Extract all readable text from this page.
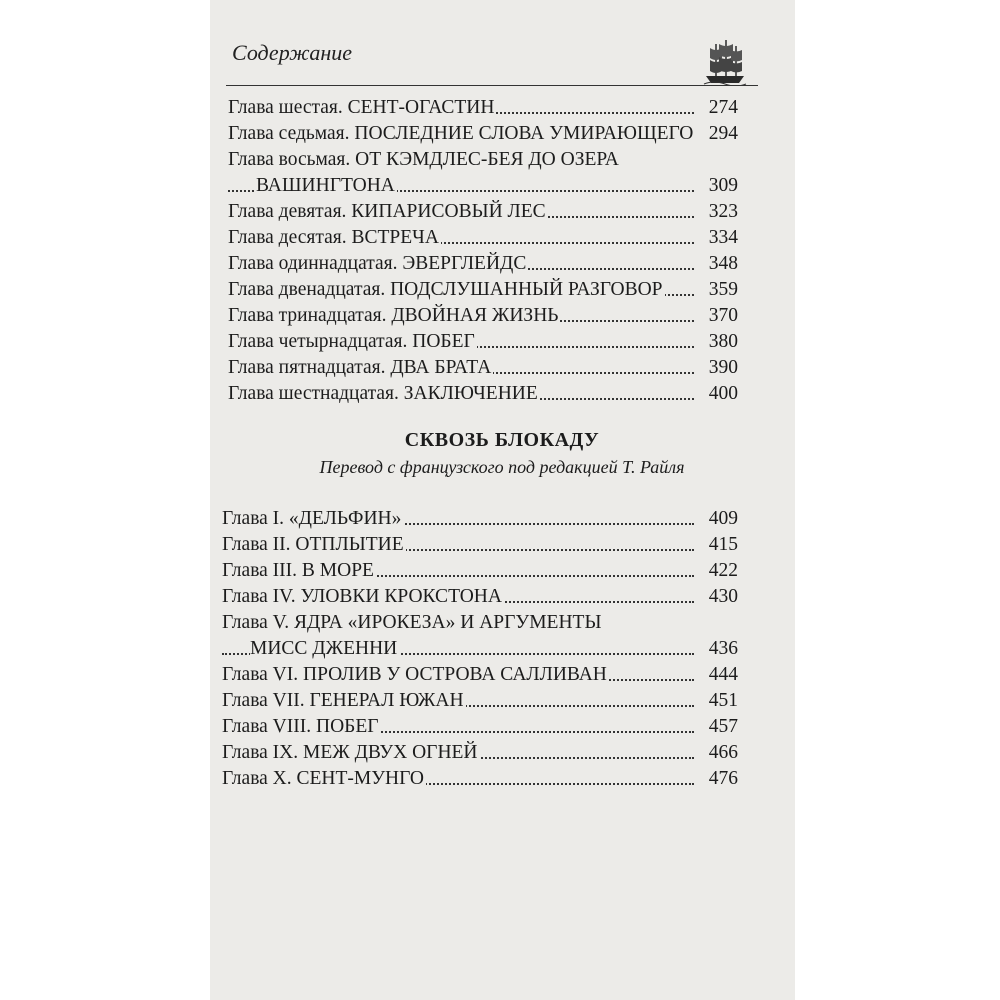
Содержание
Глава шестая. СЕНТ-ОГАСТИН	274
Глава седьмая. ПОСЛЕДНИЕ СЛОВА УМИРАЮЩЕГО 294
Глава восьмая. ОТ КЭМДЛЕС-БЕЯ ДО ОЗЕРА
ВАШИНГТОНА	309
Глава девятая. КИПАРИСОВЫЙ ЛЕС	323
Глава десятая. ВСТРЕЧА	334
Глава одиннадцатая. ЭВЕРГЛЕЙДС	348
Глава двенадцатая. ПОДСЛУШАННЫЙ РАЗГОВОР	359
Глава тринадцатая. ДВОЙНАЯ ЖИЗНЬ	370
Глава четырнадцатая. ПОБЕГ	380
Глава пятнадцатая. ДВА БРАТА	390
Глава шестнадцатая. ЗАКЛЮЧЕНИЕ	400
СКВОЗЬ БЛОКАДУ
Перевод с французского под редакцией Т. Райля
Глава I. «ДЕЛЬФИН»	409
Глава II. ОТПЛЫТИЕ	415
Глава III. В МОРЕ	422
Глава IV. УЛОВКИ КРОКСТОНА	430
Глава V. ЯДРА «ИРОКЕЗА» И АРГУМЕНТЫ
МИСС ДЖЕННИ	436
Глава VI. ПРОЛИВ У ОСТРОВА САЛЛИВАН	444
Глава VII. ГЕНЕРАЛ ЮЖАН	451
Глава VIII. ПОБЕГ	457
Глава IX. МЕЖ ДВУХ ОГНЕЙ	466
Глава X. СЕНТ-МУНГО	476
